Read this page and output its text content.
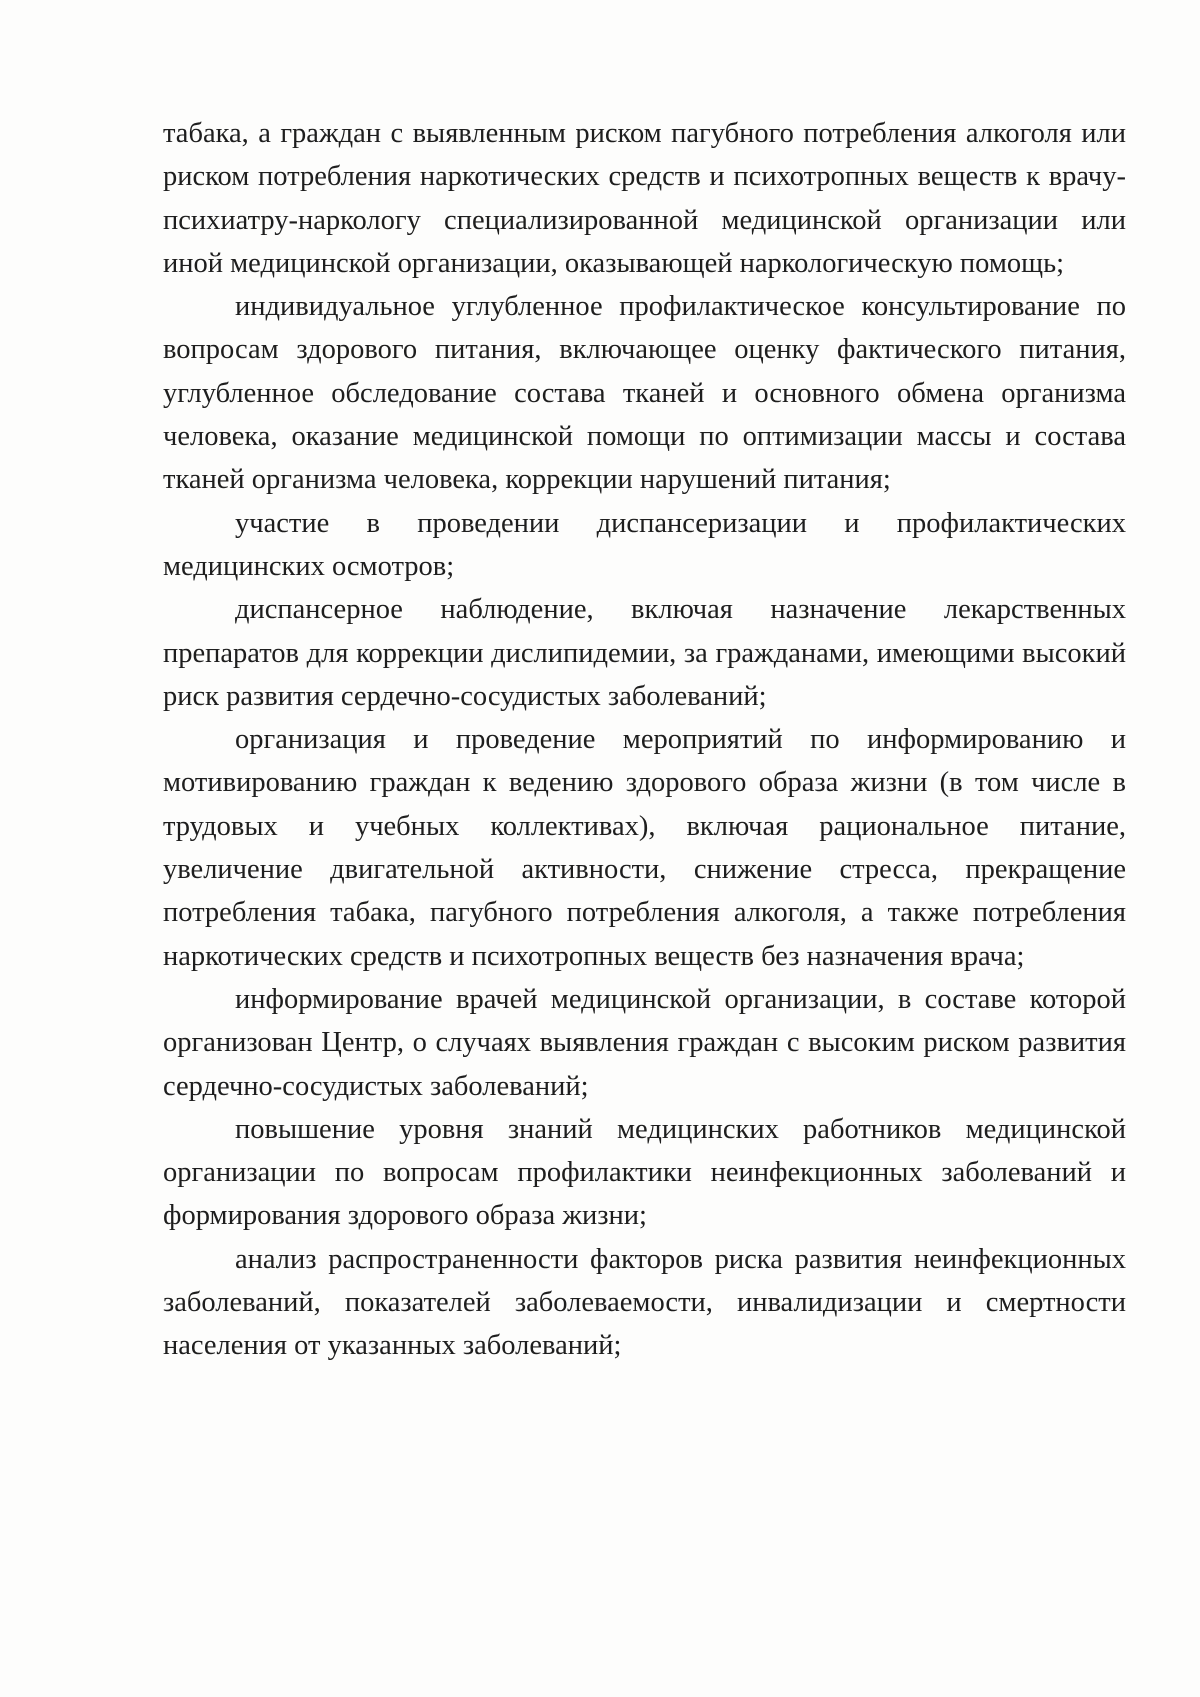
табака, а граждан с выявленным риском пагубного потребления алкоголя или риском потребления наркотических средств и психотропных веществ к врачу-психиатру-наркологу специализированной медицинской организации или иной медицинской организации, оказывающей наркологическую помощь;

индивидуальное углубленное профилактическое консультирование по вопросам здорового питания, включающее оценку фактического питания, углубленное обследование состава тканей и основного обмена организма человека, оказание медицинской помощи по оптимизации массы и состава тканей организма человека, коррекции нарушений питания;

участие в проведении диспансеризации и профилактических медицинских осмотров;

диспансерное наблюдение, включая назначение лекарственных препаратов для коррекции дислипидемии, за гражданами, имеющими высокий риск развития сердечно-сосудистых заболеваний;

организация и проведение мероприятий по информированию и мотивированию граждан к ведению здорового образа жизни (в том числе в трудовых и учебных коллективах), включая рациональное питание, увеличение двигательной активности, снижение стресса, прекращение потребления табака, пагубного потребления алкоголя, а также потребления наркотических средств и психотропных веществ без назначения врача;

информирование врачей медицинской организации, в составе которой организован Центр, о случаях выявления граждан с высоким риском развития сердечно-сосудистых заболеваний;

повышение уровня знаний медицинских работников медицинской организации по вопросам профилактики неинфекционных заболеваний и формирования здорового образа жизни;

анализ распространенности факторов риска развития неинфекционных заболеваний, показателей заболеваемости, инвалидизации и смертности населения от указанных заболеваний;
